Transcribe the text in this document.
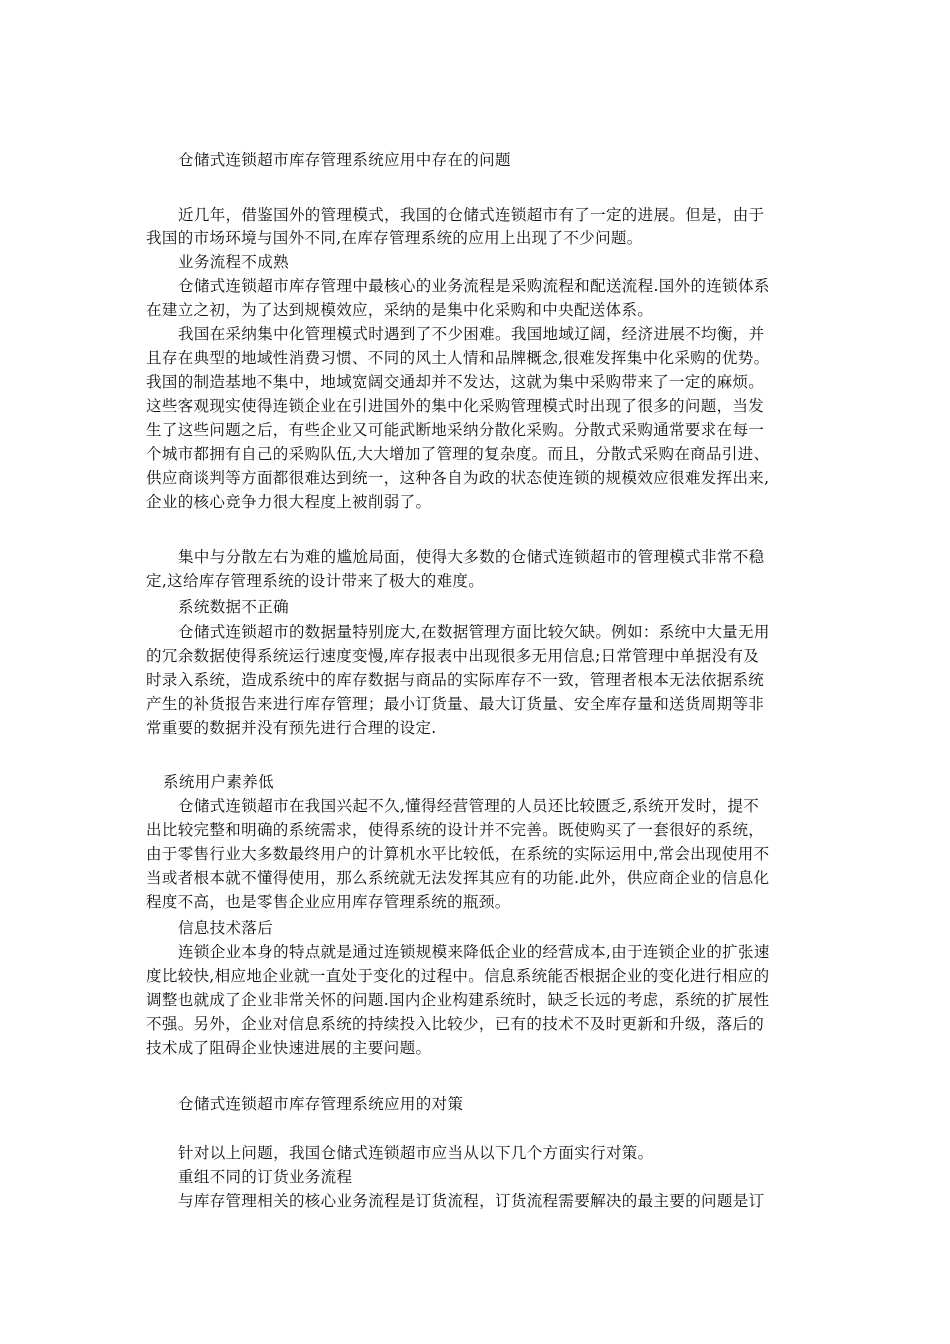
仓储式连锁超市库存管理系统应用中存在的问题

近几年，借鉴国外的管理模式，我国的仓储式连锁超市有了一定的进展。但是，由于

我国的市场环境与国外不同,在库存管理系统的应用上出现了不少问题。

业务流程不成熟

仓储式连锁超市库存管理中最核心的业务流程是采购流程和配送流程.国外的连锁体系

在建立之初，为了达到规模效应，采纳的是集中化采购和中央配送体系。

我国在采纳集中化管理模式时遇到了不少困难。我国地域辽阔，经济进展不均衡，并

且存在典型的地域性消费习惯、不同的风土人情和品牌概念,很难发挥集中化采购的优势。

我国的制造基地不集中，地域宽阔交通却并不发达，这就为集中采购带来了一定的麻烦。

这些客观现实使得连锁企业在引进国外的集中化采购管理模式时出现了很多的问题，当发

生了这些问题之后，有些企业又可能武断地采纳分散化采购。分散式采购通常要求在每一

个城市都拥有自己的采购队伍,大大增加了管理的复杂度。而且，分散式采购在商品引进、

供应商谈判等方面都很难达到统一，这种各自为政的状态使连锁的规模效应很难发挥出来,

企业的核心竞争力很大程度上被削弱了。

集中与分散左右为难的尴尬局面，使得大多数的仓储式连锁超市的管理模式非常不稳

定,这给库存管理系统的设计带来了极大的难度。

系统数据不正确

仓储式连锁超市的数据量特别庞大,在数据管理方面比较欠缺。例如：系统中大量无用

的冗余数据使得系统运行速度变慢,库存报表中出现很多无用信息;日常管理中单据没有及

时录入系统，造成系统中的库存数据与商品的实际库存不一致，管理者根本无法依据系统

产生的补货报告来进行库存管理；最小订货量、最大订货量、安全库存量和送货周期等非

常重要的数据并没有预先进行合理的设定.

系统用户素养低

仓储式连锁超市在我国兴起不久,懂得经营管理的人员还比较匮乏,系统开发时，提不

出比较完整和明确的系统需求，使得系统的设计并不完善。既使购买了一套很好的系统，

由于零售行业大多数最终用户的计算机水平比较低，在系统的实际运用中,常会出现使用不

当或者根本就不懂得使用，那么系统就无法发挥其应有的功能.此外，供应商企业的信息化

程度不高，也是零售企业应用库存管理系统的瓶颈。

信息技术落后

连锁企业本身的特点就是通过连锁规模来降低企业的经营成本,由于连锁企业的扩张速

度比较快,相应地企业就一直处于变化的过程中。信息系统能否根据企业的变化进行相应的

调整也就成了企业非常关怀的问题.国内企业构建系统时，缺乏长远的考虑，系统的扩展性

不强。另外，企业对信息系统的持续投入比较少，已有的技术不及时更新和升级，落后的

技术成了阻碍企业快速进展的主要问题。

仓储式连锁超市库存管理系统应用的对策

针对以上问题，我国仓储式连锁超市应当从以下几个方面实行对策。

重组不同的订货业务流程

与库存管理相关的核心业务流程是订货流程，订货流程需要解决的最主要的问题是订
